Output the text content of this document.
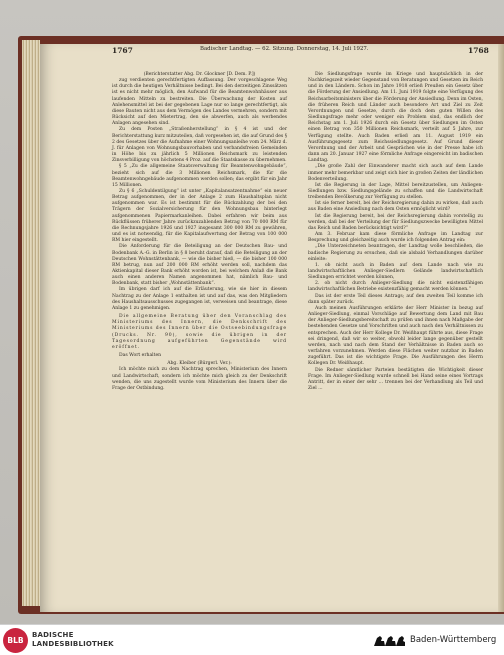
1767	Badischer Landtag. — 62. Sitzung. Donnerstag, 14. Juli 1927.	1768

(Berichterstatter Abg. Dr. Glockner [D. Dem. P.])

zug verdienten gerechtfertigten Auffassung. Der vorgeschlagene Weg ist durch die heutigen Verhältnisse bedingt. Bei den derzeitigen Zinssätzen ist es nicht mehr möglich, den Aufwand für die Beamtenwohnhäuser aus laufenden Mitteln zu bestreiten. Die Überwachung der Kosten auf Anlehensmittel ist bei der gegebenen Lage nur so lange gerechtfertigt, als diese Bauten nicht aus dem Vermögen des Landes vermehren, sondern mit Rücksicht auf den Mietertrag, den sie abwerfen, auch als werbendes Anlagen angesehen sind.

Zu dem Posten „Straßenherstellung“ in § 4 ist und der Berichterstattung kurz mitzuteilen, daß vorgesehen ist, die auf Grund des § 2 des Gesetzes über die Aufnahme einer Wohnungsanleihe vom 24. März d. J. für Anlagen von Wohnungsbauvorhaben und verbandsfreien Gemeinden in Höhe bis zu jährlich 5 Millionen Reichsmark zu leistenden Zinsverbilligung von höchstens 4 Proz. auf die Staatskasse zu übernehmen.

§ 5 „Zu die allgemeine Staatsverwaltung für Beamtenwohngebäude“, bezieht sich auf die 3 Millionen Reichsmark, die für die Beamtenwohngebäude aufgenommen werden sollen; das ergibt für ein Jahr 15 Millionen.

Zu § 6 „Schuldentilgung“ ist unter „Kapitalansatzentnahme“ ein neuer Betrag aufgenommen, der in der Anlage 2 zum Haushaltsplan nicht aufgenommen war. Es ist bestimmt für die Rückzahlung der bei den Trägern der Sozialversicherung für den Wohnungsbau hinterlegt aufgenommenen Papiermarkanleihen. Dabei erfahren wir beim aus Rückflüssen früherer Jahre zurückzuzahlenden Betrag von 70 000 RM für die Rechnungsjahre 1926 und 1927 insgesamt 300 000 RM zu gewähren, und es ist notwendig, für die Kapitalaufwertung der Betrag von 100 000 RM hier eingestellt.

Die Anforderung für die Beteiligung an der Deutschen Bau- und Bodenbank A.-G. in Berlin in § 8 beruht darauf, daß die Beteiligung an der Deutschen Wohnstättenbank, — wie die bisher hieß, — die bisher 100 000 RM betrug, nun auf 200 000 RM erhöht werden soll, nachdem das Aktienkapital dieser Bank erhöht worden ist, bei welchem Anlaß die Bank auch einen anderen Namen angenommen hat, nämlich Bau- und Bodenbank, statt bisher „Wohnstättenbank“.

Im übrigen darf ich auf die Erläuterung, wie sie hier in diesem Nachtrag zu der Anlage 1 enthalten ist und auf das, was den Mitgliedern des Haushaltsausschusses zugegangen ist, verweisen und beantrage, diese Anlage 1 zu genehmigen.

Die allgemeine Beratung über den Voranschlag des Ministeriums des Innern, die Denkschrift des Ministeriums des Innern über die Ostseebindungsfrage (Drucks. Nr. 90), sowie die übrigen in der Tagesordnung aufgeführten Gegenstände wird eröffnet.

Das Wort erhalten

Abg. Kleiber (Bürgerl. Ver.):

Ich möchte mich zu dem Nachtrag sprechen, Ministerium des Innern und Landwirtschaft, sondern ich möchte mich gleich zu der Denkschrift wenden, die uns zugestellt wurde vom Ministerium des Innern über die Frage der Ostbindung.

Die Siedlungsfrage wurde im Kriege und hauptsächlich in der Nachkriegszeit wieder Gegenstand von Beratungen und Gesetzen im Reich und in den Ländern. Schon im Jahre 1918 erließ Preußen ein Gesetz über die Förderung der Ansiedlung. Am 11. Juni 1919 folgte eine Verfügung des Reichsarbeitsministers über die Förderung der Ansiedlung. Denn im Osten, die früheren Reich und Länder auch besondere Art und Ziel zu Zeit Verordnungen und Gesetze, durch die doch dem guten Willen des Siedlungsfrage mehr oder weniger ein Problem sind, das endlich der Reichstag am 1. Juli 1926 durch ein Gesetz über Siedlungen im Osten einen Betrag von 350 Millionen Reichsmark, verteilt auf 5 Jahre, zur Verfügung stellte. Auch Baden erließ am 11. August 1919 ein Ausführungsgesetz zum Reichssiedlungsgesetz. Auf Grund dieser Verordnung und der Arbeit und Gesprächen wie in der Presse habe ich dann am 20. Januar 1927 eine förmliche Anfrage eingereicht im badischen Landtag.

„Die große Zahl der Einwanderer macht sich auch auf dem Lande immer mehr bemerkbar und zeigt sich hier in großen Zeiten der ländlichen Bodenverteilung.

Ist die Regierung in der Lage, Mittel bereitzustellen, um Anliegen-Siedlungen bzw. Siedlungsgelände zu schaffen und die Landwirtschaft treibenden Bevölkerung zur Verfügung zu stellen.

Ist sie ferner bereit, bei der Reichsregierung dahin zu wirken, daß auch aus Baden eine Ansiedlung nach dem Osten ermöglicht wird?

Ist die Regierung bereit, bei der Reichsregierung dahin vorstellig zu werden, daß bei der Verteilung der für Siedlungszwecke bewilligten Mittel das Reich und Baden berücksichtigt wird?“

Am 3. Februar kam diese förmliche Anfrage im Landtag zur Besprechung und gleichzeitig auch wurde ich folgenden Antrag ein:

„Die Unterzeichneten beantragen, der Landtag wolle beschließen, die badische Regierung zu ersuchen, daß sie alsbald Verhandlungen darüber einleite:

1. ob nicht auch in Baden auf dem Lande nach wie zu landwirtschaftlichen Anlieger-Siedlern Gelände landwirtschaftlich Siedlungen errichtet werden können,

2. ob nicht durch Anlieger-Siedlung die nicht existenzfähigen landwirtschaftlichen Betriebe existenzfähig gemacht werden können.“

Das ist der erste Teil dieses Antrags; auf den zweiten Teil komme ich dann später zurück.

Auch meinen Ausführungen erklärte der Herr Minister in bezug auf Anlieger-Siedlung, einmal Vorschläge auf Bewertung dem Land mit Bau der Anlieger-Siedlungsbereitschaft zu prüfen und ihnen nach Maßgabe der bestehenden Gesetze und Vorschriften und auch nach den Verhältnissen zu entsprechen. Auch der Herr Kollege Dr. Weißhaupt führte aus, diese Frage sei dringend, daß wir so weiter, obwohl leider lange gegenüber gestellt werden, nach und nach dem Stand der Verhältnisse in Baden auch so verfahren vorzunehmen. Werden diese Flächen weiter nutzbar in Baden zugeführt. Das ist die wichtigste Frage. Die Ausführungen des Herrn Kollegen Dr. Weißhaupt.

Die Redner sämtlicher Parteien bestätigten die Wichtigkeit dieser Frage. Im Anlieger-Siedlung wurde schnell bei Hand seine eines Vortrags Antritt, der in einer der sehr ... trennen bei der Verhandlung als Teil und Ziel ...

BLB
BADISCHE
LANDESBIBLIOTHEK	Baden-Württemberg
